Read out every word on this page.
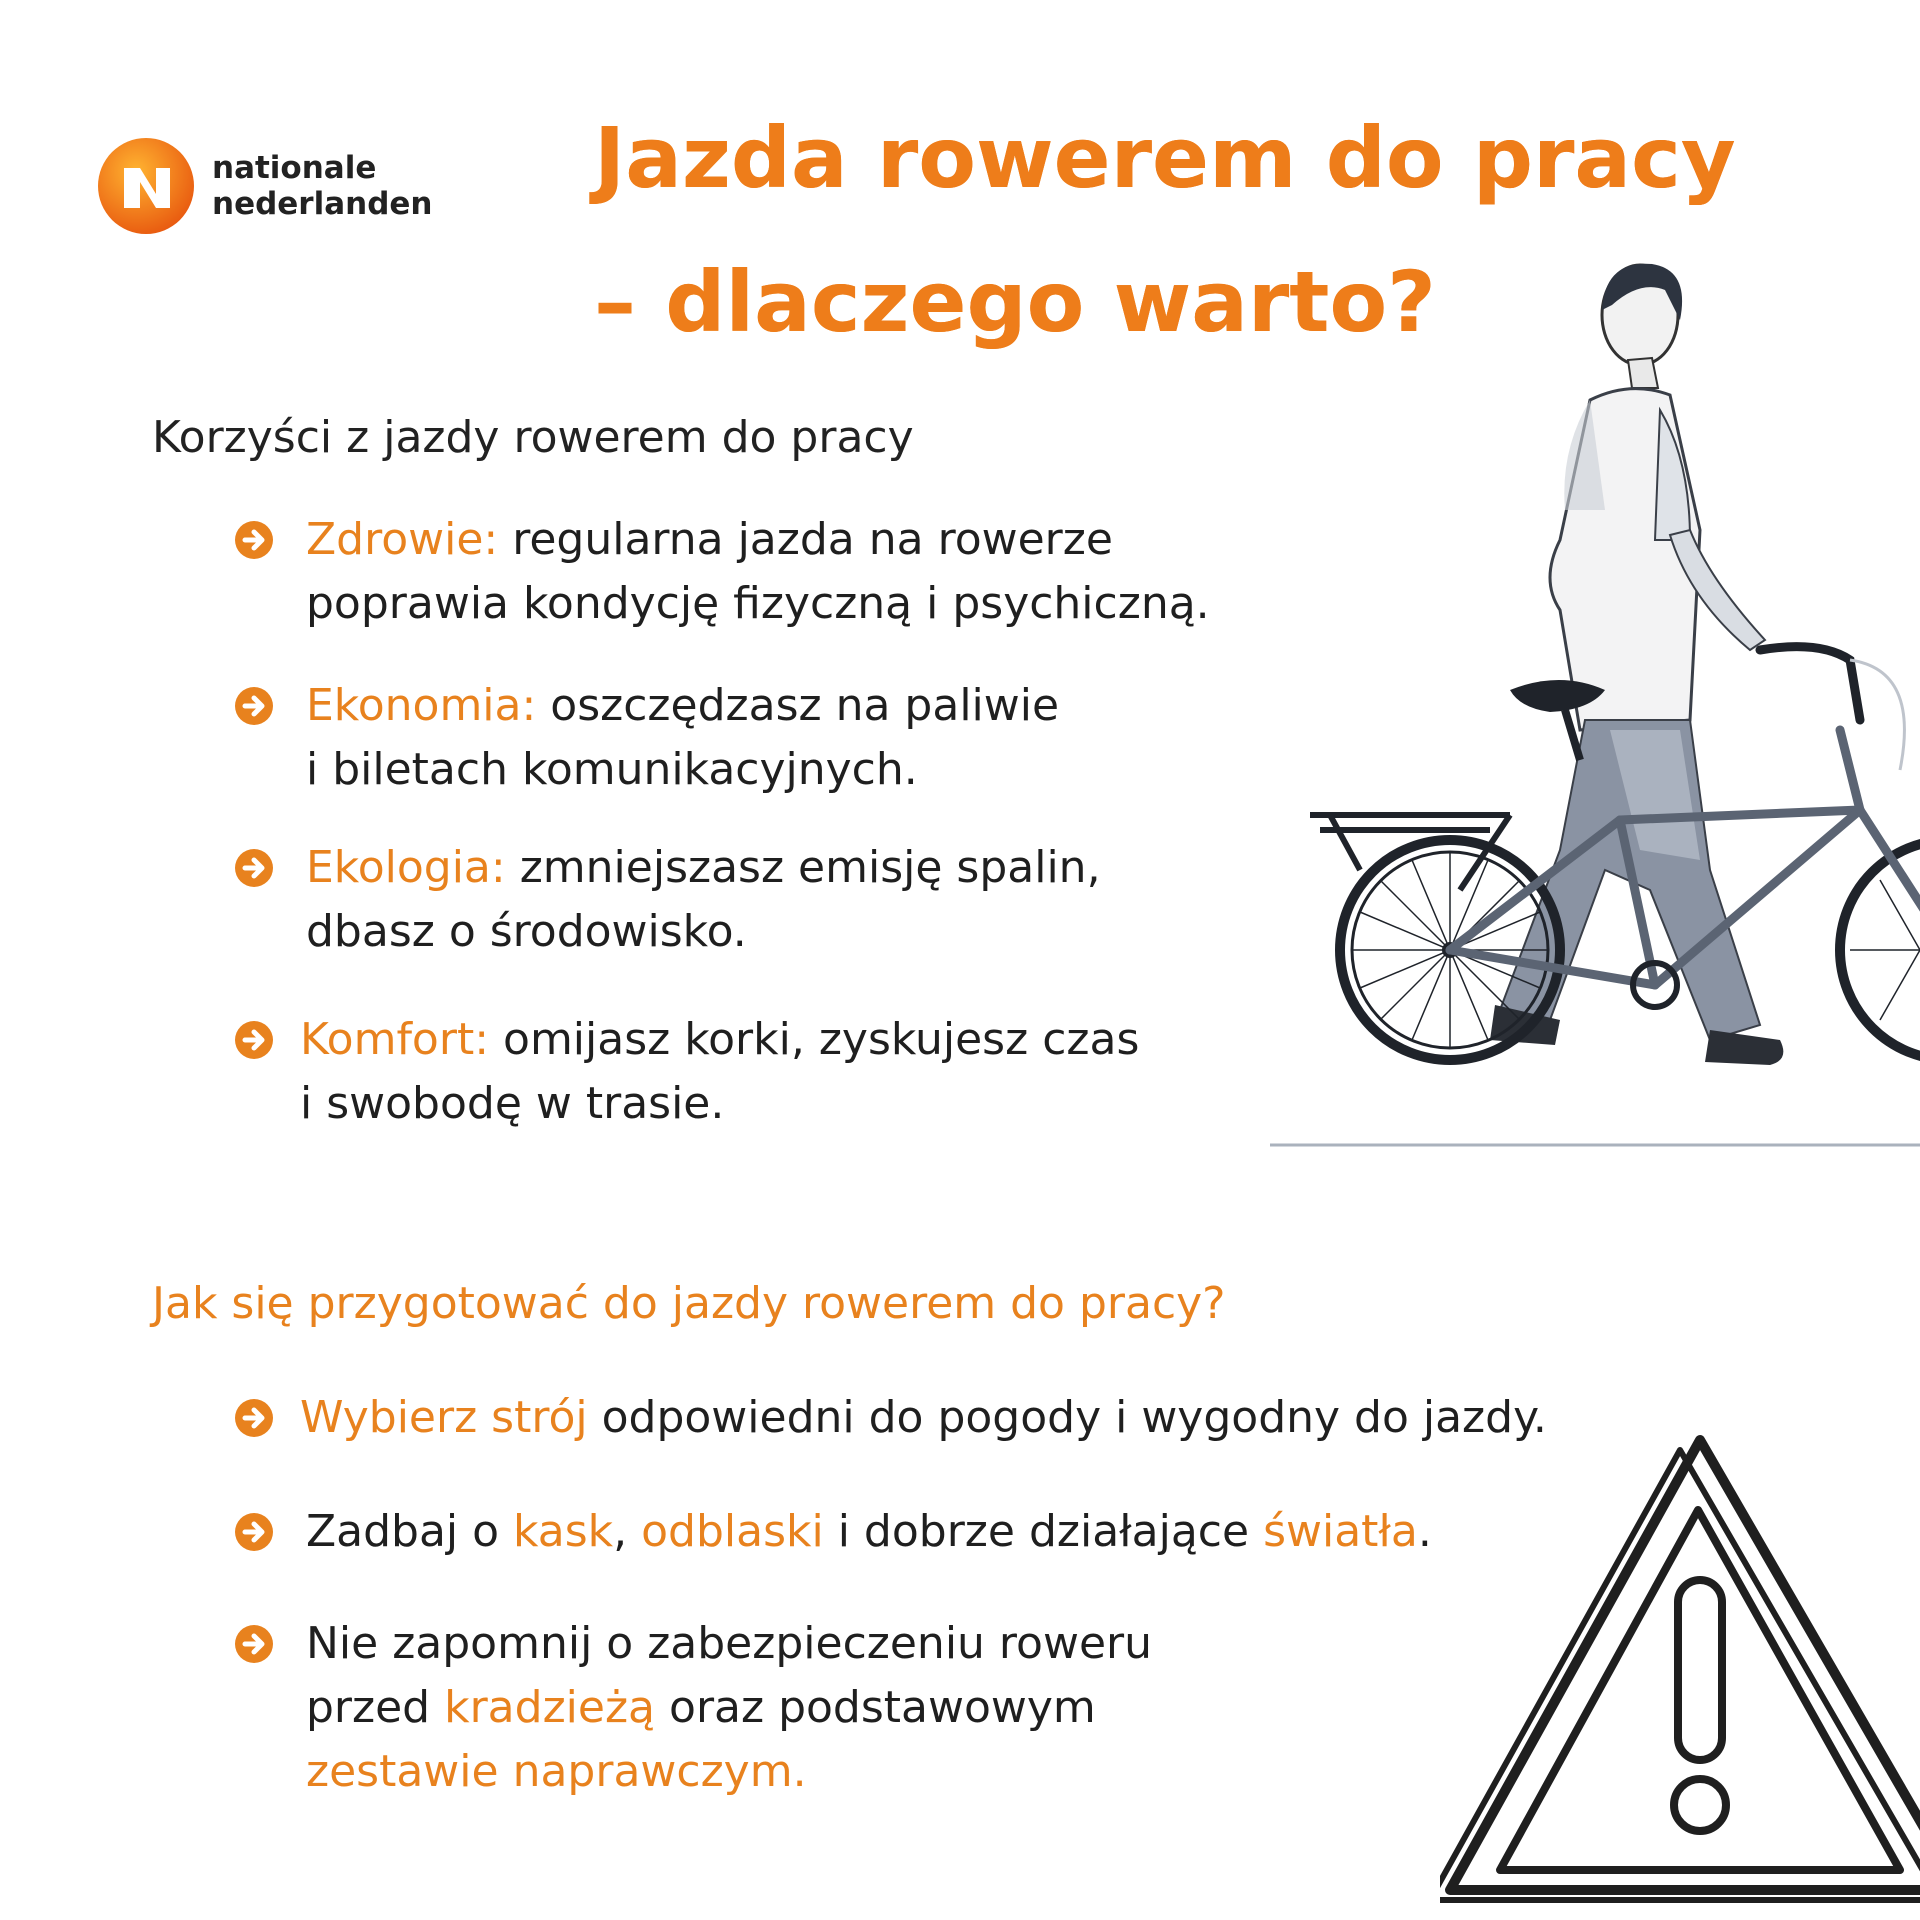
nationale
nederlanden Jazda rowerem do pracy
– dlaczego warto?
Korzyści z jazdy rowerem do pracy
Zdrowie: regularna jazda na rowerze
poprawia kondycję fizyczną i psychiczną.
Ekonomia: oszczędzasz na paliwie
i biletach komunikacyjnych.
Ekologia: zmniejszasz emisję spalin,
dbasz o środowisko.
Komfort: omijasz korki, zyskujesz czas
i swobodę w trasie.
Jak się przygotować do jazdy rowerem do pracy?
Wybierz strój odpowiedni do pogody i wygodny do jazdy.
Zadbaj o kask, odblaski i dobrze działające światła.
Nie zapomnij o zabezpieczeniu roweru
przed kradzieżą oraz podstawowym
zestawie naprawczym.
